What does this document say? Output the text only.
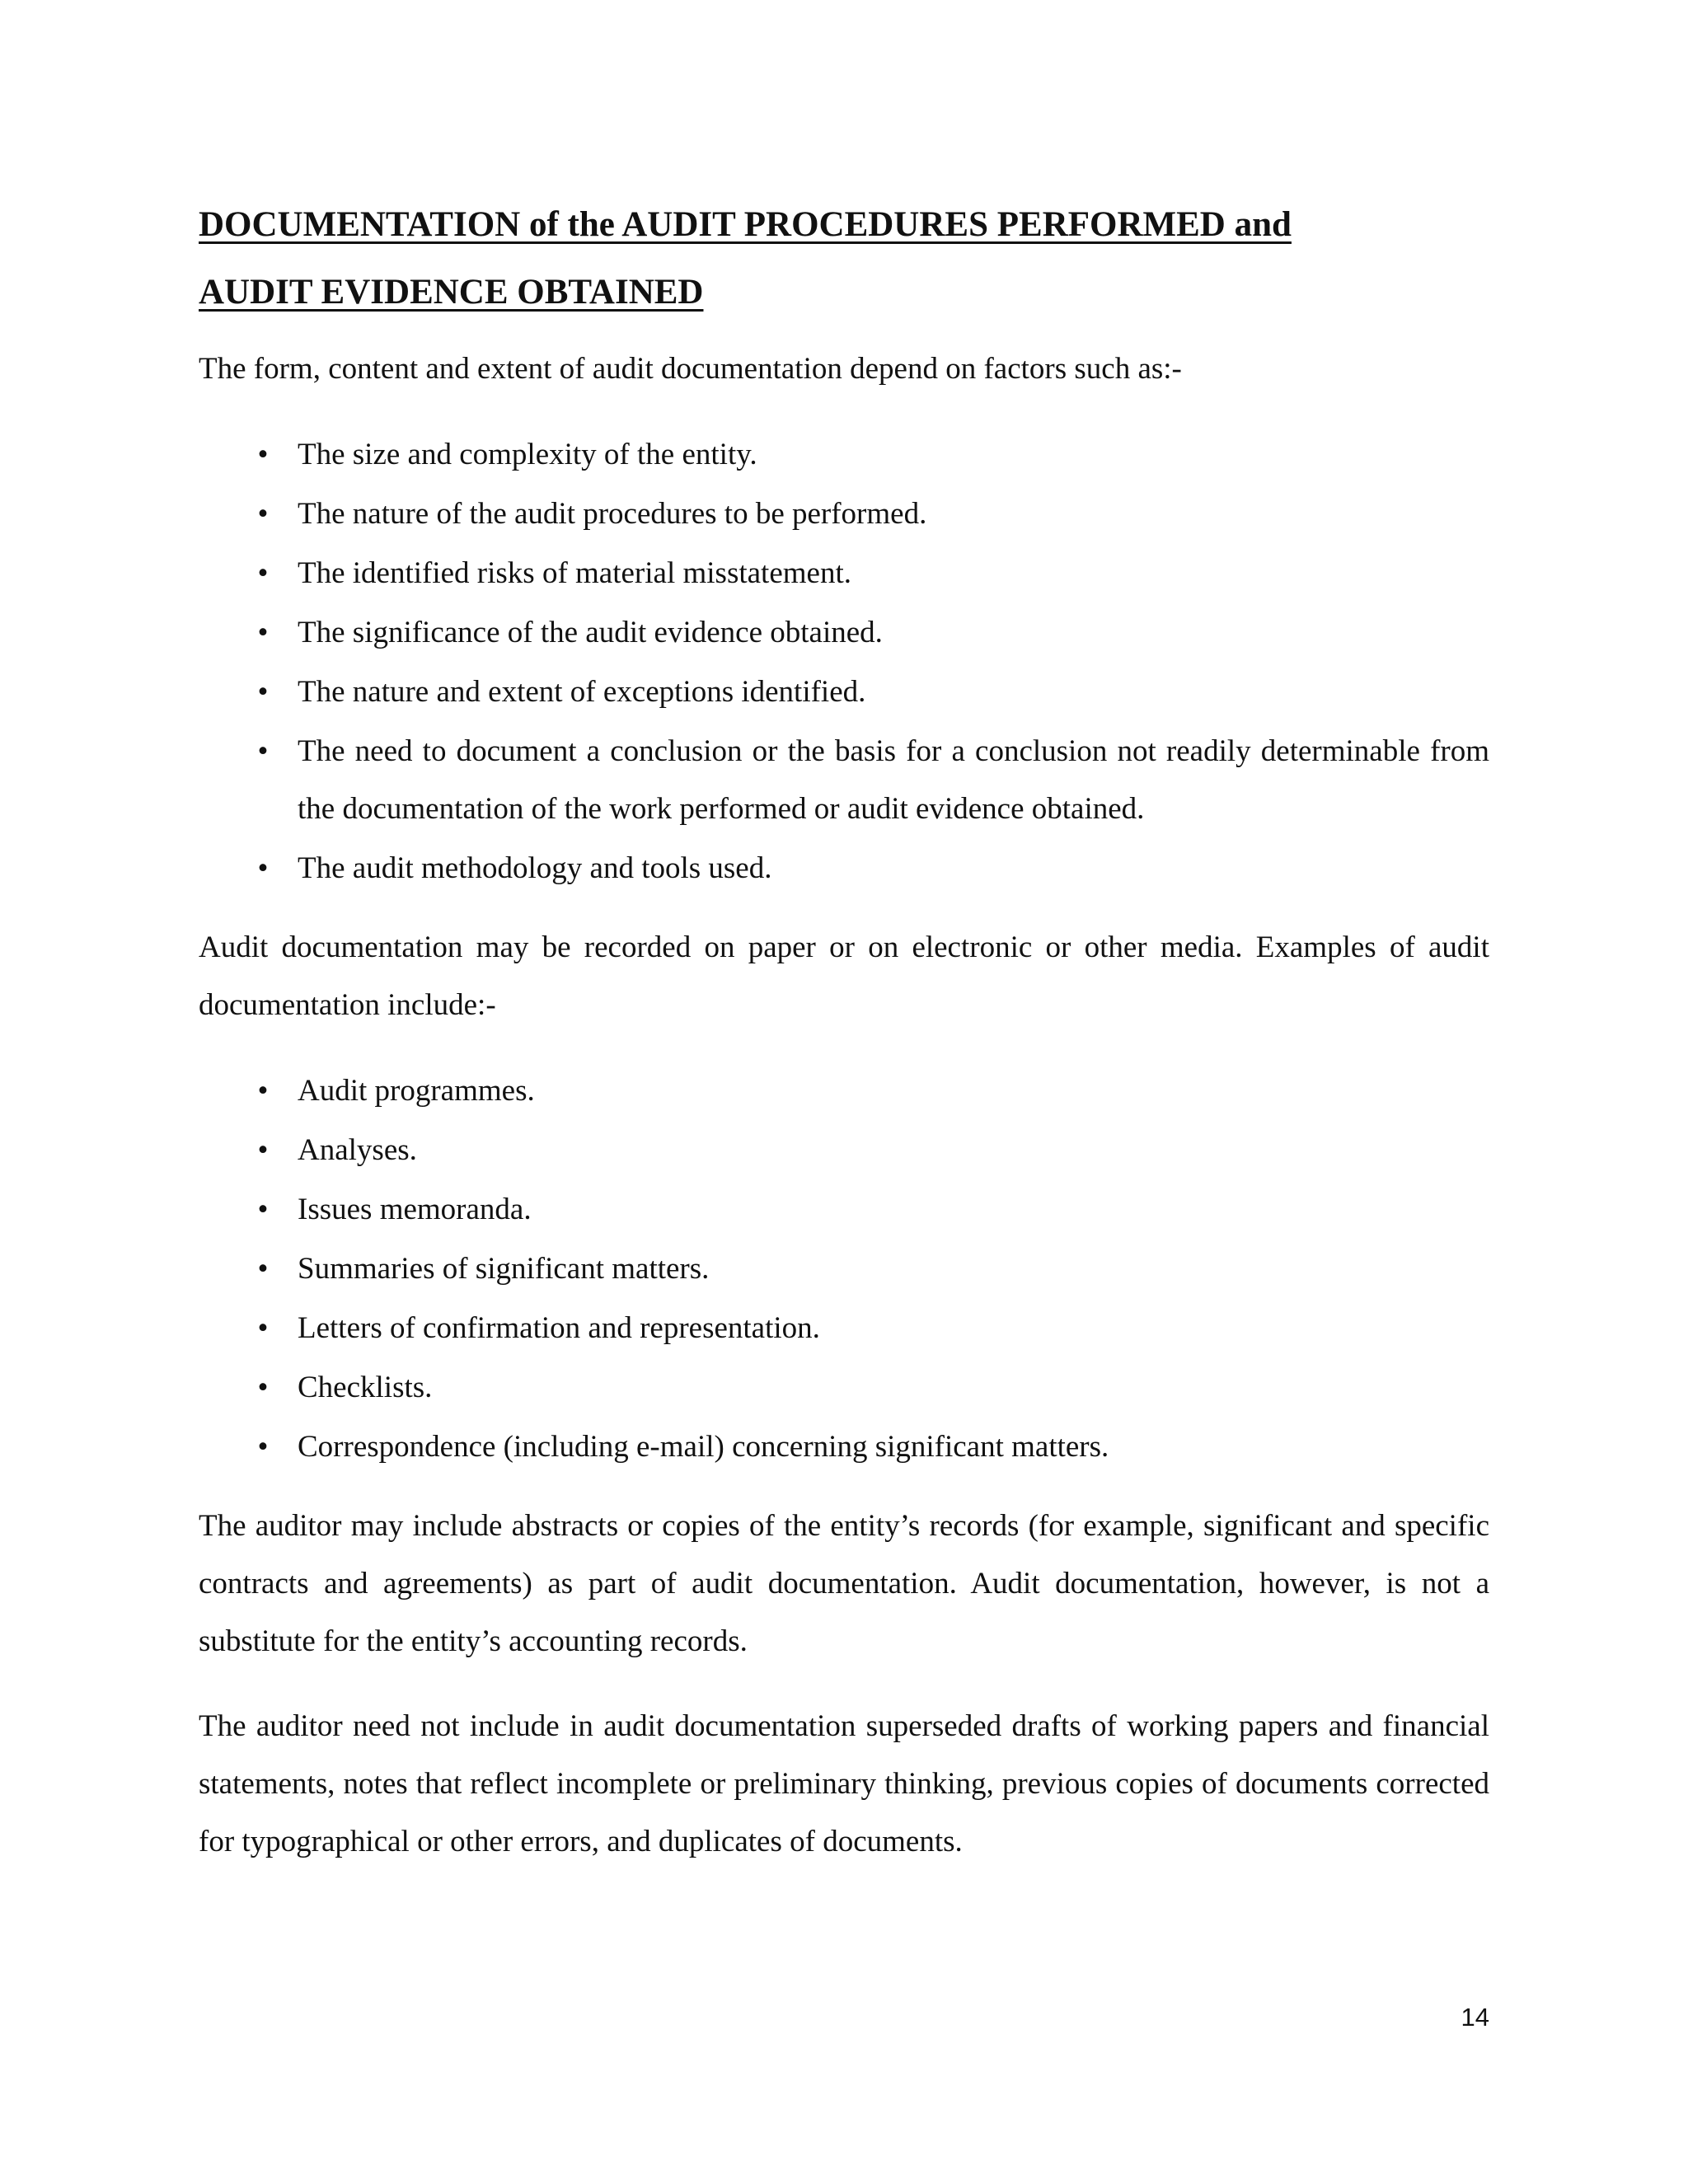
DOCUMENTATION of the AUDIT PROCEDURES PERFORMED and
AUDIT EVIDENCE OBTAINED

The form, content and extent of audit documentation depend on factors such as:-

• The size and complexity of the entity.
• The nature of the audit procedures to be performed.
• The identified risks of material misstatement.
• The significance of the audit evidence obtained.
• The nature and extent of exceptions identified.
• The need to document a conclusion or the basis for a conclusion not readily determinable from the documentation of the work performed or audit evidence obtained.
• The audit methodology and tools used.

Audit documentation may be recorded on paper or on electronic or other media. Examples of audit documentation include:-

• Audit programmes.
• Analyses.
• Issues memoranda.
• Summaries of significant matters.
• Letters of confirmation and representation.
• Checklists.
• Correspondence (including e-mail) concerning significant matters.

The auditor may include abstracts or copies of the entity’s records (for example, significant and specific contracts and agreements) as part of audit documentation. Audit documentation, however, is not a substitute for the entity’s accounting records.

The auditor need not include in audit documentation superseded drafts of working papers and financial statements, notes that reflect incomplete or preliminary thinking, previous copies of documents corrected for typographical or other errors, and duplicates of documents.

14
